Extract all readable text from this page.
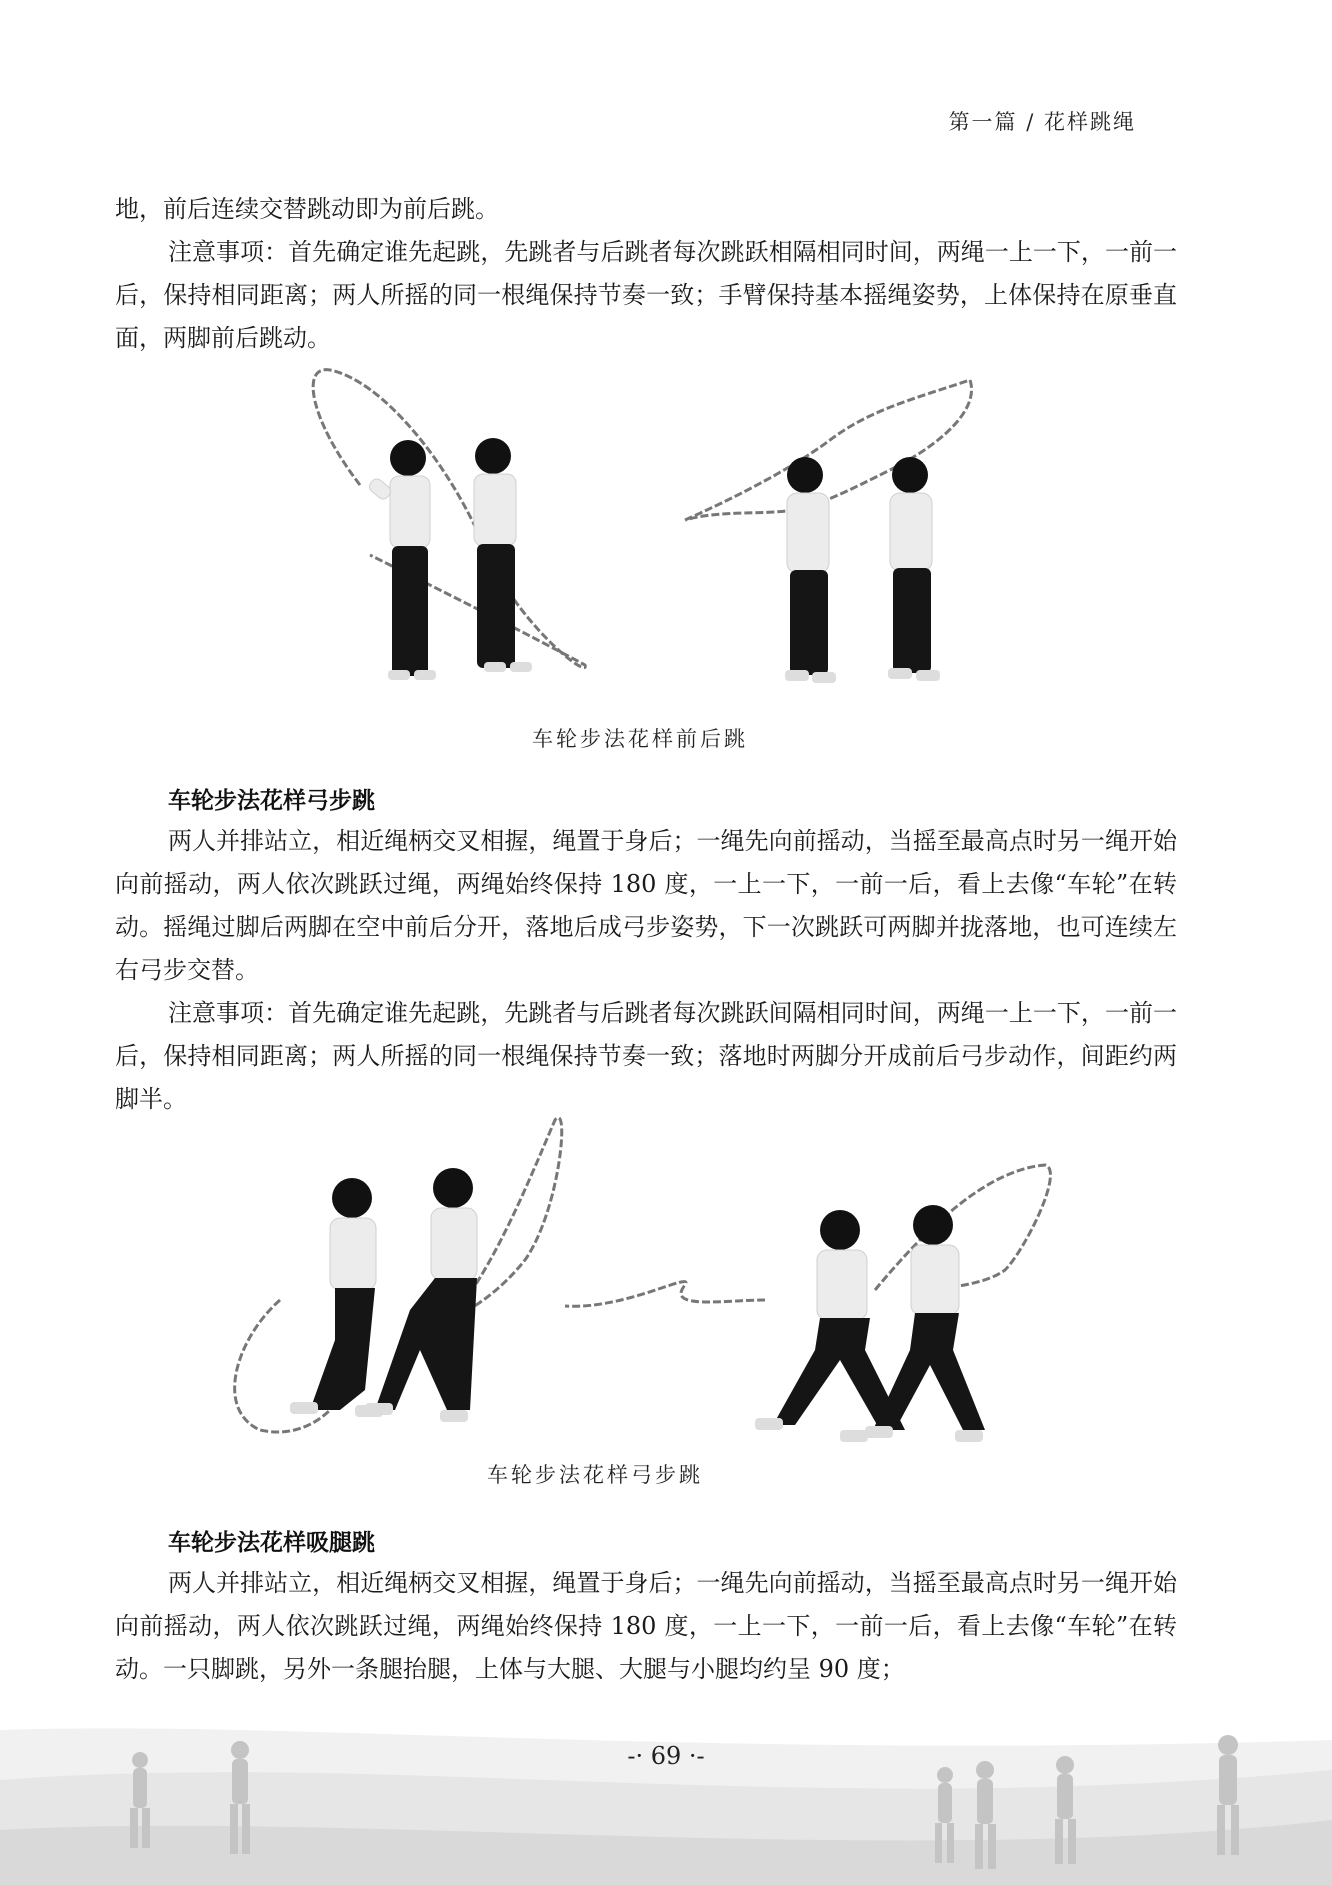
第一篇 / 花样跳绳

地，前后连续交替跳动即为前后跳。

注意事项：首先确定谁先起跳，先跳者与后跳者每次跳跃相隔相同时间，两绳一上一下，一前一后，保持相同距离；两人所摇的同一根绳保持节奏一致；手臂保持基本摇绳姿势，上体保持在原垂直面，两脚前后跳动。

车轮步法花样前后跳
车轮步法花样弓步跳

两人并排站立，相近绳柄交叉相握，绳置于身后；一绳先向前摇动，当摇至最高点时另一绳开始向前摇动，两人依次跳跃过绳，两绳始终保持 180 度，一上一下，一前一后，看上去像“车轮”在转动。摇绳过脚后两脚在空中前后分开，落地后成弓步姿势，下一次跳跃可两脚并拢落地，也可连续左右弓步交替。

注意事项：首先确定谁先起跳，先跳者与后跳者每次跳跃间隔相同时间，两绳一上一下，一前一后，保持相同距离；两人所摇的同一根绳保持节奏一致；落地时两脚分开成前后弓步动作，间距约两脚半。

车轮步法花样弓步跳
车轮步法花样吸腿跳

两人并排站立，相近绳柄交叉相握，绳置于身后；一绳先向前摇动，当摇至最高点时另一绳开始向前摇动，两人依次跳跃过绳，两绳始终保持 180 度，一上一下，一前一后，看上去像“车轮”在转动。一只脚跳，另外一条腿抬腿，上体与大腿、大腿与小腿均约呈 90 度；

-· 69 ·-
